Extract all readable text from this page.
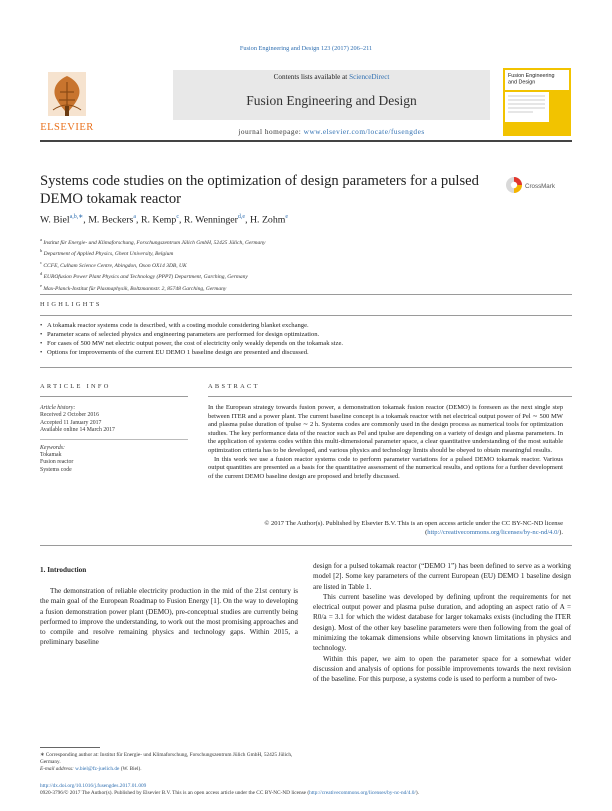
Fusion Engineering and Design 123 (2017) 206–211
Contents lists available at ScienceDirect
Fusion Engineering and Design
journal homepage: www.elsevier.com/locate/fusengdes
ELSEVIER
Fusion Engineering
and Design
Systems code studies on the optimization of design parameters for a pulsed DEMO tokamak reactor
CrossMark
W. Biel$^{a,b,∗}$, M. Beckers$^a$, R. Kemp$^c$, R. Wenninger$^{d,e}$, H. Zohm$^e$
$^a$ Institut für Energie- und Klimaforschung, Forschungszentrum Jülich GmbH, 52425 Jülich, Germany
$^b$ Department of Applied Physics, Ghent University, Belgium
$^c$ CCFE, Culham Science Centre, Abingdon, Oxon OX14 3DB, UK
$^d$ EUROfusion Power Plant Physics and Technology (PPPT) Department, Garching, Germany
$^e$ Max-Planck-Institut für Plasmaphysik, Boltzmannstr. 2, 85748 Garching, Germany
HIGHLIGHTS
• A tokamak reactor systems code is described, with a costing module considering blanket exchange.
• Parameter scans of selected physics and engineering parameters are performed for design optimization.
• For cases of 500 MW net electric output power, the cost of electricity only weakly depends on the tokamak size.
• Options for improvements of the current EU DEMO 1 baseline design are presented and discussed.
ARTICLE INFO	ABSTRACT
Article history:
Received 2 October 2016
Accepted 11 January 2017
Available online 14 March 2017
Keywords:
Tokamak
Fusion reactor
Systems code

In the European strategy towards fusion power, a demonstration tokamak fusion reactor (DEMO) is foreseen as the next single step between ITER and a power plant. The current baseline concept is a tokamak reactor with net electrical output power of Pel ∼ 500 MW and plasma pulse duration of tpulse ∼ 2 h. Systems codes are commonly used in the design process as numerical tools for optimization studies. The key performance data of the reactor such as Pel and tpulse are depending on a variety of design and plasma parameters. In the application of systems codes within this multi-dimensional parameter space, a clear quantitative understanding of the most suitable optimization criteria has to be developed, and various physics and technology limits should be obeyed to obtain meaningful results.

In this work we use a fusion reactor systems code to perform parameter variations for a pulsed DEMO tokamak reactor. Various output quantities are presented as a basis for the quantitative assessment of the numerical results, and options for a further development of the current DEMO baseline design are proposed and briefly discussed.

© 2017 The Author(s). Published by Elsevier B.V. This is an open access article under the CC BY-NC-ND license (http://creativecommons.org/licenses/by-nc-nd/4.0/).
1. Introduction

The demonstration of reliable electricity production in the mid of the 21st century is the main goal of the European Roadmap to Fusion Energy [1]. On the way to developing a fusion demonstration power plant (DEMO), pre-conceptual studies are currently being performed to improve the understanding, to work out the most promising approaches and to compile and resolve remaining physics and technology gaps. Within 2015, a preliminary baseline

design for a pulsed tokamak reactor (“DEMO 1”) has been defined to serve as a working model [2]. Some key parameters of the current European (EU) DEMO 1 baseline design are listed in Table 1.

This current baseline was developed by defining upfront the requirements for net electrical output power and plasma pulse duration, and adopting an aspect ratio of A = R0/a = 3.1 for which the widest database for larger tokamaks exists (including the ITER design). Most of the other key baseline parameters were then following from the goal of minimizing the tokamak dimensions while observing known limitations in physics and technology.

Within this paper, we aim to open the parameter space for a somewhat wider discussion and analysis of options for possible improvements towards the next revision of the baseline. For this purpose, a systems code is used to perform a number of two-

∗ Corresponding author at: Institut für Energie- und Klimaforschung, Forschungszentrum Jülich GmbH, 52425 Jülich, Germany.
E-mail address: w.biel@fz-juelich.de (W. Biel).
http://dx.doi.org/10.1016/j.fusengdes.2017.01.009
0920-3796/© 2017 The Author(s). Published by Elsevier B.V. This is an open access article under the CC BY-NC-ND license (http://creativecommons.org/licenses/by-nc-nd/4.0/).
